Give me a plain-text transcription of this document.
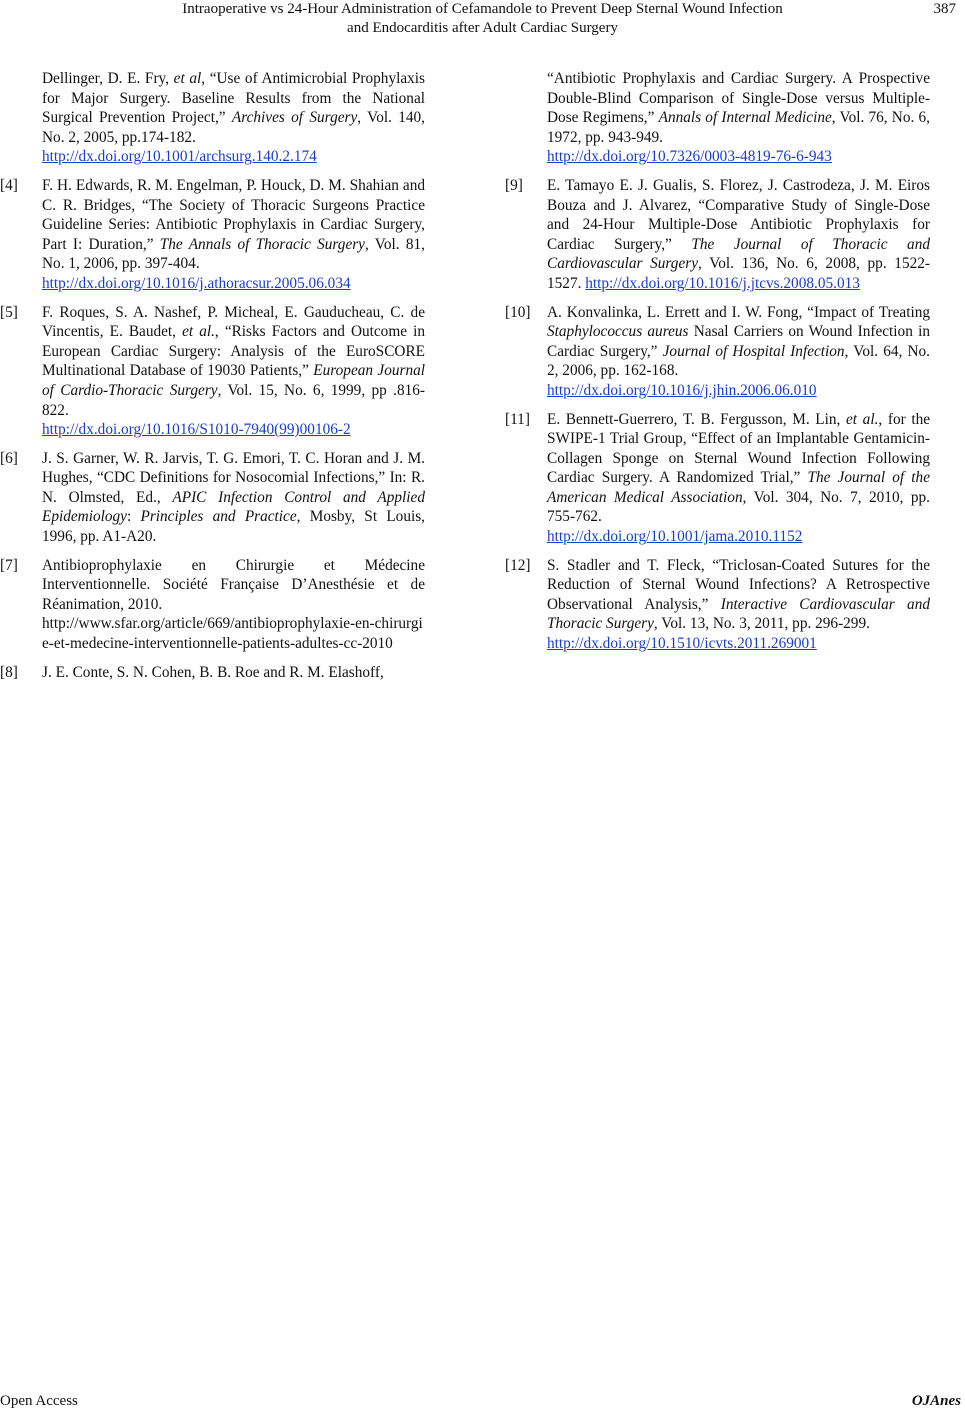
Intraoperative vs 24-Hour Administration of Cefamandole to Prevent Deep Sternal Wound Infection
and Endocarditis after Adult Cardiac Surgery
387
Dellinger, D. E. Fry, et al, “Use of Antimicrobial Prophylaxis for Major Surgery. Baseline Results from the National Surgical Prevention Project,” Archives of Surgery, Vol. 140, No. 2, 2005, pp.174-182.
http://dx.doi.org/10.1001/archsurg.140.2.174
[4] F. H. Edwards, R. M. Engelman, P. Houck, D. M. Shahian and C. R. Bridges, “The Society of Thoracic Surgeons Practice Guideline Series: Antibiotic Prophylaxis in Cardiac Surgery, Part I: Duration,” The Annals of Thoracic Surgery, Vol. 81, No. 1, 2006, pp. 397-404.
http://dx.doi.org/10.1016/j.athoracsur.2005.06.034
[5] F. Roques, S. A. Nashef, P. Micheal, E. Gauducheau, C. de Vincentis, E. Baudet, et al., “Risks Factors and Outcome in European Cardiac Surgery: Analysis of the EuroSCORE Multinational Database of 19030 Patients,” European Journal of Cardio-Thoracic Surgery, Vol. 15, No. 6, 1999, pp .816-822.
http://dx.doi.org/10.1016/S1010-7940(99)00106-2
[6] J. S. Garner, W. R. Jarvis, T. G. Emori, T. C. Horan and J. M. Hughes, “CDC Definitions for Nosocomial Infections,” In: R. N. Olmsted, Ed., APIC Infection Control and Applied Epidemiology: Principles and Practice, Mosby, St Louis, 1996, pp. A1-A20.
[7] Antibioprophylaxie en Chirurgie et Médecine Interventionnelle. Société Française D’Anesthésie et de Réanimation, 2010.
http://www.sfar.org/article/669/antibioprophylaxie-en-chirurgie-et-medecine-interventionnelle-patients-adultes-cc-2010
[8] J. E. Conte, S. N. Cohen, B. B. Roe and R. M. Elashoff,
“Antibiotic Prophylaxis and Cardiac Surgery. A Prospective Double-Blind Comparison of Single-Dose versus Multiple-Dose Regimens,” Annals of Internal Medicine, Vol. 76, No. 6, 1972, pp. 943-949.
http://dx.doi.org/10.7326/0003-4819-76-6-943
[9] E. Tamayo E. J. Gualis, S. Florez, J. Castrodeza, J. M. Eiros Bouza and J. Alvarez, “Comparative Study of Single-Dose and 24-Hour Multiple-Dose Antibiotic Prophylaxis for Cardiac Surgery,” The Journal of Thoracic and Cardiovascular Surgery, Vol. 136, No. 6, 2008, pp. 1522-1527. http://dx.doi.org/10.1016/j.jtcvs.2008.05.013
[10] A. Konvalinka, L. Errett and I. W. Fong, “Impact of Treating Staphylococcus aureus Nasal Carriers on Wound Infection in Cardiac Surgery,” Journal of Hospital Infection, Vol. 64, No. 2, 2006, pp. 162-168.
http://dx.doi.org/10.1016/j.jhin.2006.06.010
[11] E. Bennett-Guerrero, T. B. Fergusson, M. Lin, et al., for the SWIPE-1 Trial Group, “Effect of an Implantable Gentamicin-Collagen Sponge on Sternal Wound Infection Following Cardiac Surgery. A Randomized Trial,” The Journal of the American Medical Association, Vol. 304, No. 7, 2010, pp. 755-762.
http://dx.doi.org/10.1001/jama.2010.1152
[12] S. Stadler and T. Fleck, “Triclosan-Coated Sutures for the Reduction of Sternal Wound Infections? A Retrospective Observational Analysis,” Interactive Cardiovascular and Thoracic Surgery, Vol. 13, No. 3, 2011, pp. 296-299.
http://dx.doi.org/10.1510/icvts.2011.269001
Open Access	OJAnes
